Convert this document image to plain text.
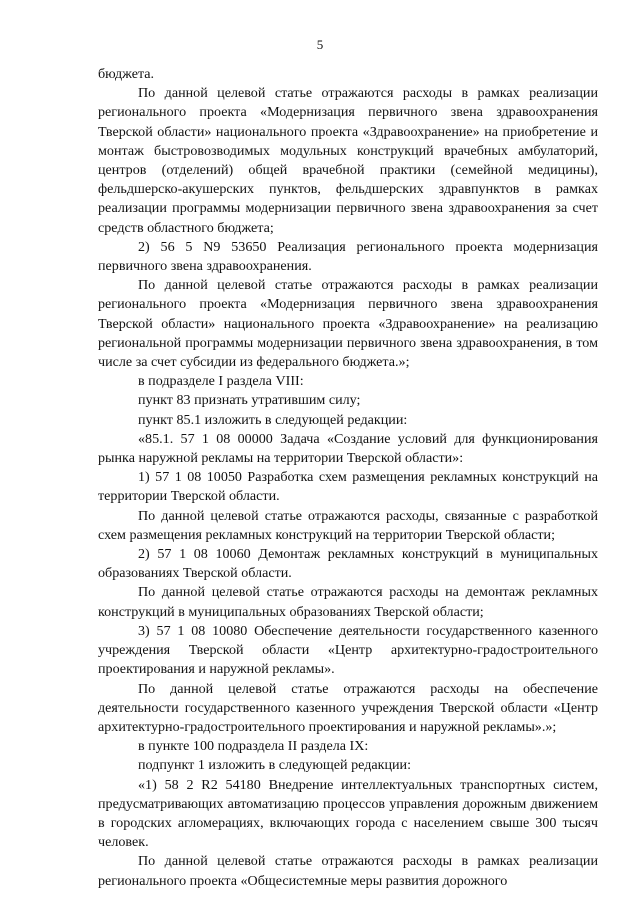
5

бюджета.

По данной целевой статье отражаются расходы в рамках реализации регионального проекта «Модернизация первичного звена здравоохранения Тверской области» национального проекта «Здравоохранение» на приобретение и монтаж быстровозводимых модульных конструкций врачебных амбулаторий, центров (отделений) общей врачебной практики (семейной медицины), фельдшерско-акушерских пунктов, фельдшерских здравпунктов в рамках реализации программы модернизации первичного звена здравоохранения за счет средств областного бюджета;

2) 56 5 N9 53650 Реализация регионального проекта модернизация первичного звена здравоохранения.

По данной целевой статье отражаются расходы в рамках реализации регионального проекта «Модернизация первичного звена здравоохранения Тверской области» национального проекта «Здравоохранение» на реализацию региональной программы модернизации первичного звена здравоохранения, в том числе за счет субсидии из федерального бюджета.»;

в подразделе I раздела VIII:

пункт 83 признать утратившим силу;

пункт 85.1 изложить в следующей редакции:

«85.1. 57 1 08 00000 Задача «Создание условий для функционирования рынка наружной рекламы на территории Тверской области»:

1) 57 1 08 10050 Разработка схем размещения рекламных конструкций на территории Тверской области.

По данной целевой статье отражаются расходы, связанные с разработкой схем размещения рекламных конструкций на территории Тверской области;

2) 57 1 08 10060 Демонтаж рекламных конструкций в муниципальных образованиях Тверской области.

По данной целевой статье отражаются расходы на демонтаж рекламных конструкций в муниципальных образованиях Тверской области;

3) 57 1 08 10080 Обеспечение деятельности государственного казенного учреждения Тверской области «Центр архитектурно-градостроительного проектирования и наружной рекламы».

По данной целевой статье отражаются расходы на обеспечение деятельности государственного казенного учреждения Тверской области «Центр архитектурно-градостроительного проектирования и наружной рекламы».»;

в пункте 100 подраздела II раздела IX:

подпункт 1 изложить в следующей редакции:

«1) 58 2 R2 54180 Внедрение интеллектуальных транспортных систем, предусматривающих автоматизацию процессов управления дорожным движением в городских агломерациях, включающих города с населением свыше 300 тысяч человек.

По данной целевой статье отражаются расходы в рамках реализации регионального проекта «Общесистемные меры развития дорожного
